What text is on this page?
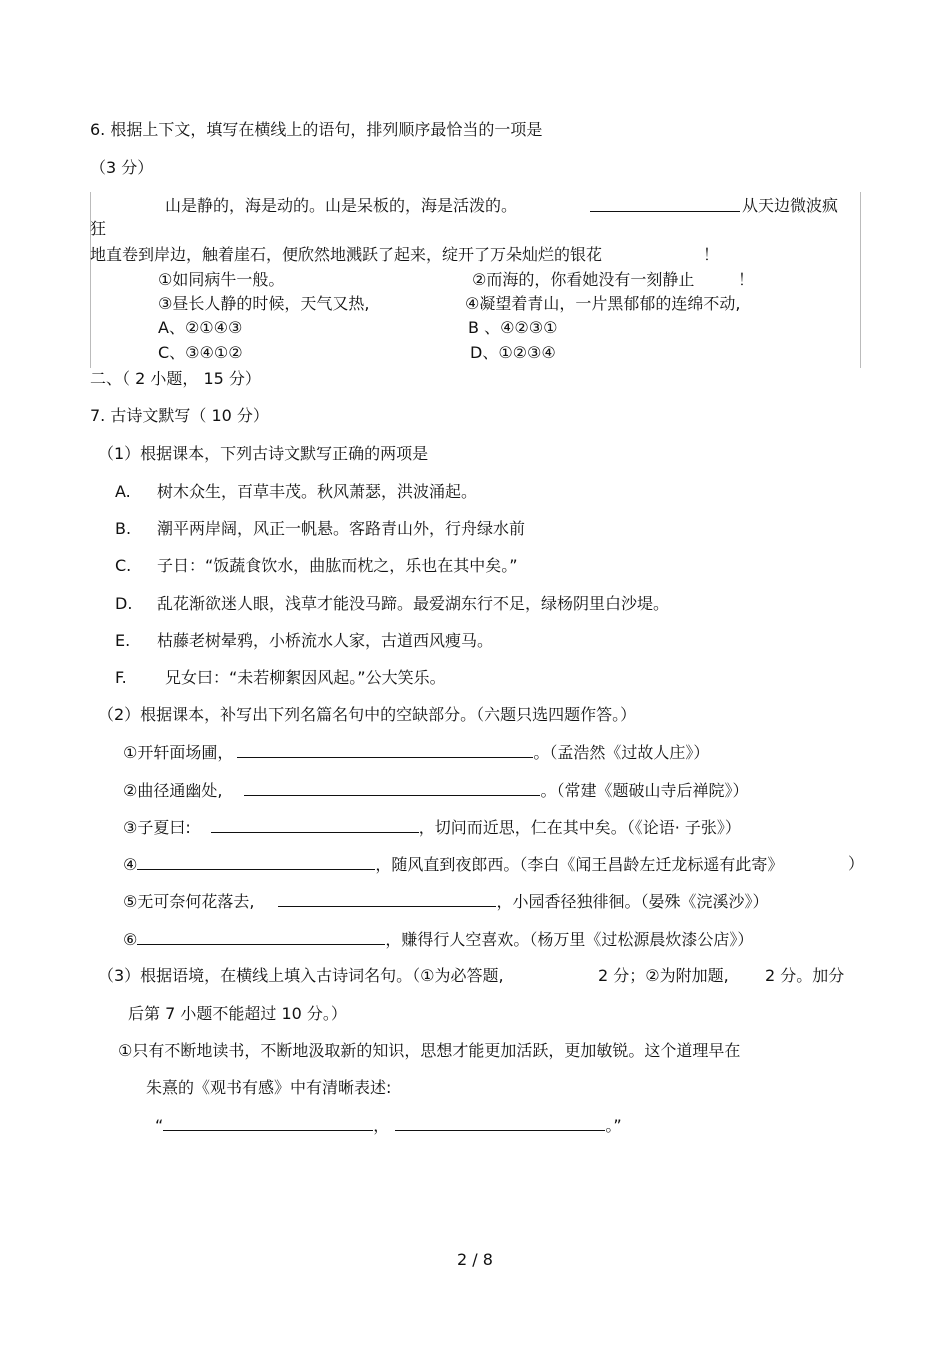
6. 根据上下文，填写在横线上的语句，排列顺序最恰当的一项是
（3 分）
山是静的，海是动的。山是呆板的，海是活泼的。	从天边微波疯
狂
地直卷到岸边，触着崖石，便欣然地溅跃了起来，绽开了万朵灿烂的银花	！
①如同病牛一般。	②而海的，你看她没有一刻静止	！
③昼长人静的时候，天气又热,	④凝望着青山，一片黑郁郁的连绵不动,
A、②①④③	B 、④②③①
C、③④①②	D、①②③④
二、（ 2 小题， 15 分）
7. 古诗文默写（ 10 分）
（1）根据课本，下列古诗文默写正确的两项是
A. 树木众生，百草丰茂。秋风萧瑟，洪波涌起。
B. 潮平两岸阔，风正一帆悬。客路青山外，行舟绿水前
C. 子日：“饭蔬食饮水，曲肱而枕之，乐也在其中矣。”
D. 乱花渐欲迷人眼，浅草才能没马蹄。最爱湖东行不足，绿杨阴里白沙堤。
E. 枯藤老树晕鸦，小桥流水人家，古道西风瘦马。
F. 兄女曰：“未若柳絮因风起。”公大笑乐。
（2）根据课本，补写出下列名篇名句中的空缺部分。（六题只选四题作答。）
①开轩面场圃，	。（孟浩然《过故人庄》）
②曲径通幽处,	。（常建《题破山寺后禅院》）
③子夏曰:	，切问而近思，仁在其中矣。（《论语· 子张》）
④	，随风直到夜郎西。（李白《闻王昌龄左迁龙标遥有此寄》	）
⑤无可奈何花落去,	，小园香径独徘徊。（晏殊《浣溪沙》）
⑥	，赚得行人空喜欢。（杨万里《过松源晨炊漆公店》）
（3）根据语境，在横线上填入古诗词名句。（①为必答题,	2 分；②为附加题, 2 分。加分
后第 7 小题不能超过 10 分。）
①只有不断地读书，不断地汲取新的知识，思想才能更加活跃，更加敏锐。这个道理早在
朱熹的《观书有感》中有清晰表述:
“	，	。”
2 / 8
